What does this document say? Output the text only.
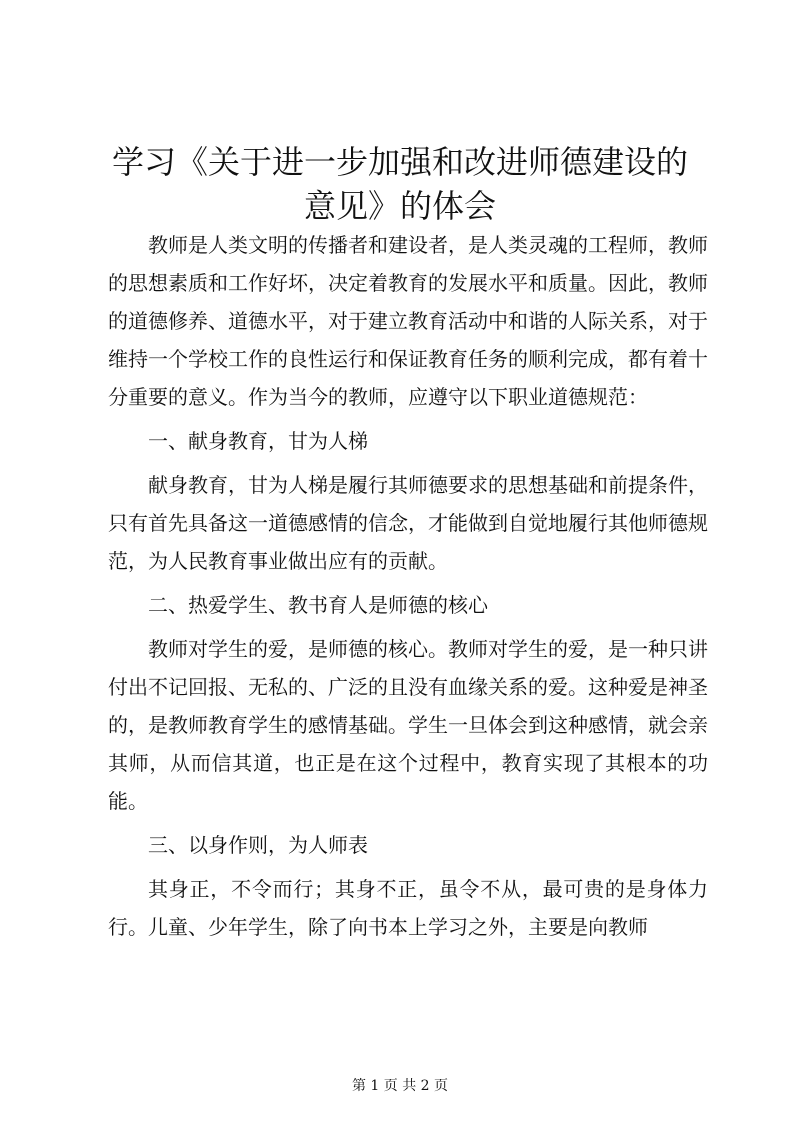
学习《关于进一步加强和改进师德建设的意见》的体会

教师是人类文明的传播者和建设者，是人类灵魂的工程师，教师的思想素质和工作好坏，决定着教育的发展水平和质量。因此，教师的道德修养、道德水平，对于建立教育活动中和谐的人际关系，对于维持一个学校工作的良性运行和保证教育任务的顺利完成，都有着十分重要的意义。作为当今的教师，应遵守以下职业道德规范：

一、献身教育，甘为人梯

献身教育，甘为人梯是履行其师德要求的思想基础和前提条件，只有首先具备这一道德感情的信念，才能做到自觉地履行其他师德规范，为人民教育事业做出应有的贡献。

二、热爱学生、教书育人是师德的核心

教师对学生的爱，是师德的核心。教师对学生的爱，是一种只讲付出不记回报、无私的、广泛的且没有血缘关系的爱。这种爱是神圣的，是教师教育学生的感情基础。学生一旦体会到这种感情，就会亲其师，从而信其道，也正是在这个过程中，教育实现了其根本的功能。

三、以身作则，为人师表

其身正，不令而行；其身不正，虽令不从，最可贵的是身体力行。儿童、少年学生，除了向书本上学习之外，主要是向教师

第 1 页 共 2 页
